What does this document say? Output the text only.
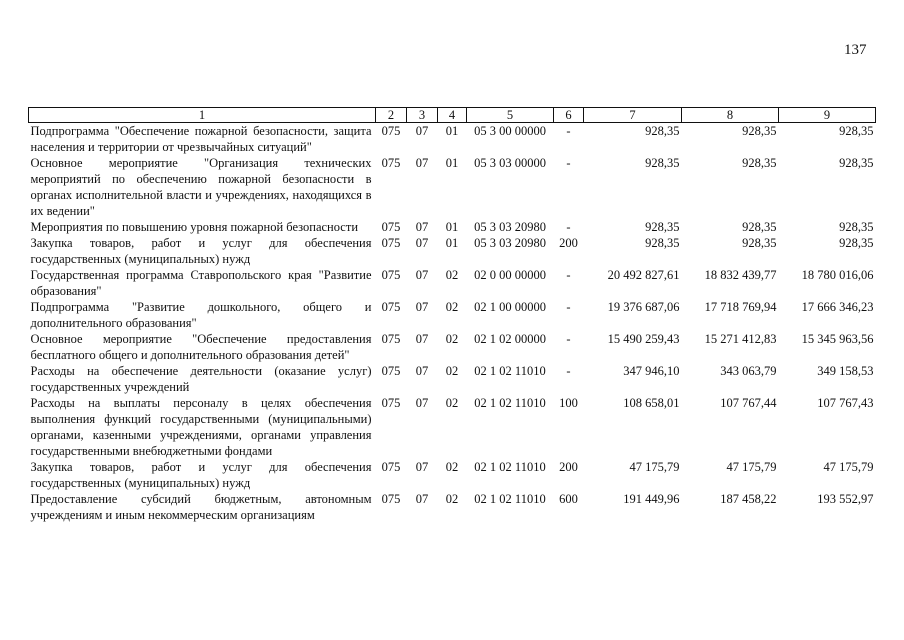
137
1	2	3	4	5	6	7	8	9
Подпрограмма "Обеспечение пожарной безопасности, защита населения и территории от чрезвычайных ситуаций"	075	07	01	05 3 00 00000	-	928,35	928,35	928,35
Основное мероприятие "Организация технических мероприятий по обеспечению пожарной безопасности в органах исполнительной власти и учреждениях, находящихся в их ведении"	075	07	01	05 3 03 00000	-	928,35	928,35	928,35
Мероприятия по повышению уровня пожарной безопасности	075	07	01	05 3 03 20980	-	928,35	928,35	928,35
Закупка товаров, работ и услуг для обеспечения государственных (муниципальных) нужд	075	07	01	05 3 03 20980	200	928,35	928,35	928,35
Государственная программа Ставропольского края "Развитие образования"	075	07	02	02 0 00 00000	-	20 492 827,61	18 832 439,77	18 780 016,06
Подпрограмма "Развитие дошкольного, общего и дополнительного образования"	075	07	02	02 1 00 00000	-	19 376 687,06	17 718 769,94	17 666 346,23
Основное мероприятие "Обеспечение предоставления бесплатного общего и дополнительного образования детей"	075	07	02	02 1 02 00000	-	15 490 259,43	15 271 412,83	15 345 963,56
Расходы на обеспечение деятельности (оказание услуг) государственных учреждений	075	07	02	02 1 02 11010	-	347 946,10	343 063,79	349 158,53
Расходы на выплаты персоналу в целях обеспечения выполнения функций государственными (муниципальными) органами, казенными учреждениями, органами управления государственными внебюджетными фондами	075	07	02	02 1 02 11010	100	108 658,01	107 767,44	107 767,43
Закупка товаров, работ и услуг для обеспечения государственных (муниципальных) нужд	075	07	02	02 1 02 11010	200	47 175,79	47 175,79	47 175,79
Предоставление субсидий бюджетным, автономным учреждениям и иным некоммерческим организациям	075	07	02	02 1 02 11010	600	191 449,96	187 458,22	193 552,97
